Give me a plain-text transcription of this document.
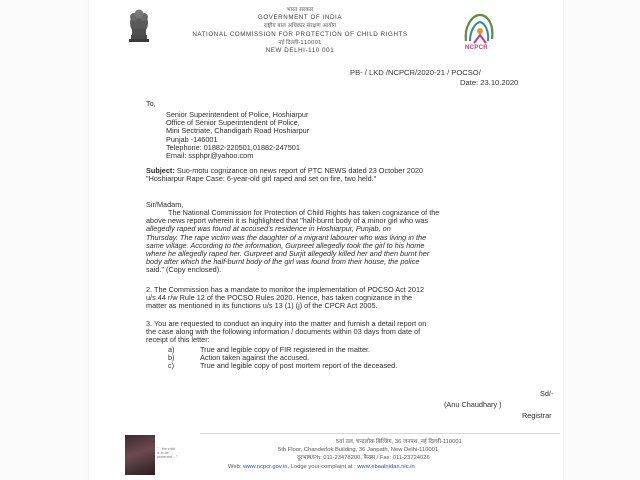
भारत सरकार
GOVERNMENT OF INDIA
राष्ट्रीय बाल अधिकार संरक्षण आयोग
NATIONAL COMMISSION FOR PROTECTION OF CHILD RIGHTS
नई दिल्ली-110001
NEW DELHI-110 001	NCPCR
PB- / LKD /NCPCR/2020-21 / POCSO/
Date: 23.10.2020
To,
Senior Superintendent of Police, Hoshiarpur
Office of Senior Superintendent of Police,
Mini Sectriate, Chandigarh Road Hoshiarpur
Punjab -146001
Telephone: 01882-220501,01882-247501
Email: ssphpr@yahoo.com
Subject: Suo-motu cognizance on news report of PTC NEWS dated 23 October 2020
"Hoshiarpur Rape Case: 6-year-old girl raped and set on fire, two held."
Sir/Madam,
The National Commission for Protection of Child Rights has taken cognizance of the
above news report wherein it is highlighted that "half-burnt body of a minor girl who was
allegedly raped was found at accused's residence in Hoshiarpur, Punjab, on
Thursday. The rape victim was the daughter of a migrant labourer who was living in the
same village. According to the information, Gurpreet allegedly took the girl to his home
where he allegedly raped her. Gurpreet and Surjit allegedly killed her and then burnt her
body after which the half-burnt body of the girl was found from their house, the police
said." (Copy enclosed).
2. The Commission has a mandate to monitor the implementation of POCSO Act 2012
u/s 44 r/w Rule 12 of the POCSO Rules 2020. Hence, has taken cognizance in the
matter as mentioned in its functions u/s 13 (1) (j) of the CPCR Act 2005.
3. You are requested to conduct an inquiry into the matter and furnish a detail report on
the case along with the following information / documents within 03 days from date of
receipt of this letter:
a)	True and legible copy of FIR registered in the matter.
b)	Action taken against the accused.
c)	True and legible copy of post mortem report of the deceased.
Sd/-
(Anu Chaudhary )
Registrar
"…the child
is to be
protected…"
5वां तल, चन्द्रलोक बिल्डिंग, 36 जनपथ, नई दिल्ली-110001
5th Floor, Chanderlok Building, 36 Janpath, New Delhi-110001
दूरभाष/Ph: 011-23478200, फैक्स / Fax: 011-23724026
Web: www.ncpcr.gov.in, Lodge your complaint at : www.ebaalnidan.nic.in
